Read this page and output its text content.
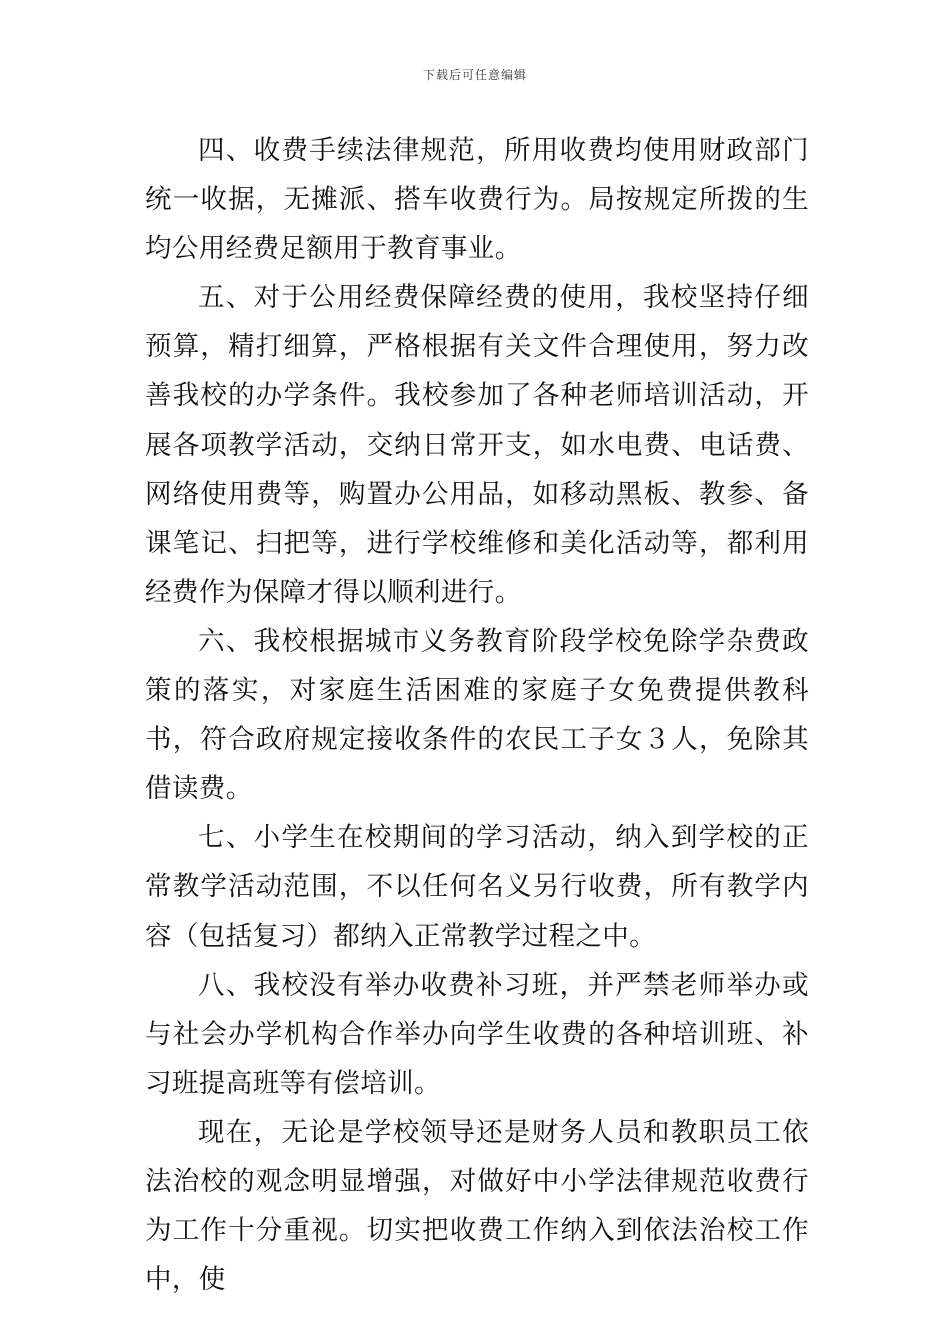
下载后可任意编辑

四、收费手续法律规范，所用收费均使用财政部门统一收据，无摊派、搭车收费行为。局按规定所拨的生均公用经费足额用于教育事业。

五、对于公用经费保障经费的使用，我校坚持仔细预算，精打细算，严格根据有关文件合理使用，努力改善我校的办学条件。我校参加了各种老师培训活动，开展各项教学活动，交纳日常开支，如水电费、电话费、网络使用费等，购置办公用品，如移动黑板、教参、备课笔记、扫把等，进行学校维修和美化活动等，都利用经费作为保障才得以顺利进行。

六、我校根据城市义务教育阶段学校免除学杂费政策的落实，对家庭生活困难的家庭子女免费提供教科书，符合政府规定接收条件的农民工子女３人，免除其借读费。

七、小学生在校期间的学习活动，纳入到学校的正常教学活动范围，不以任何名义另行收费，所有教学内容（包括复习）都纳入正常教学过程之中。

八、我校没有举办收费补习班，并严禁老师举办或与社会办学机构合作举办向学生收费的各种培训班、补习班提高班等有偿培训。

现在，无论是学校领导还是财务人员和教职员工依法治校的观念明显增强，对做好中小学法律规范收费行为工作十分重视。切实把收费工作纳入到依法治校工作中，使
